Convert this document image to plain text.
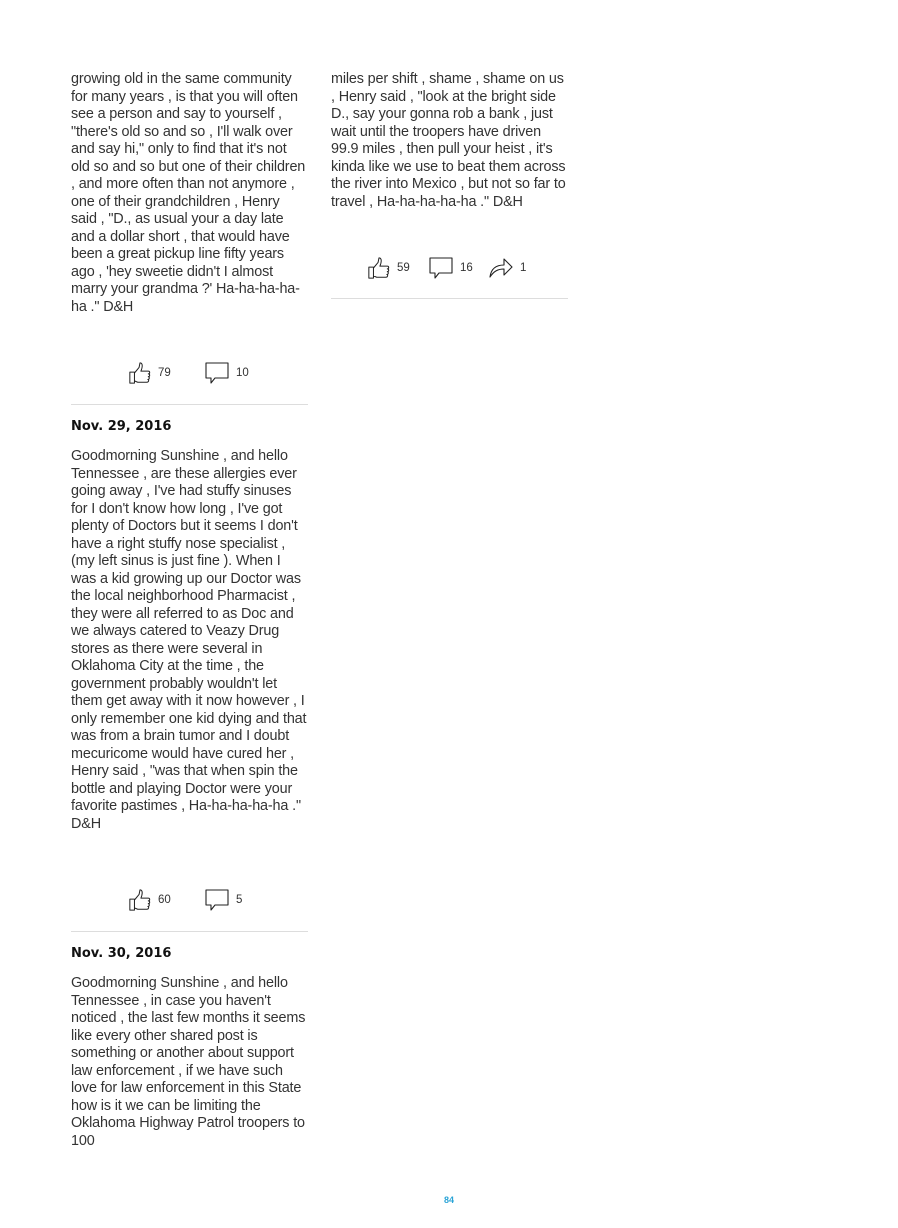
growing old in the same community for many years , is that you will often see a person and say to yourself , "there's old so and so , I'll walk over and say hi," only to find that it's not old so and so but one of their children , and more often than not anymore , one of their grandchildren , Henry said , "D., as usual your a day late and a dollar short , that would have been a great pickup line fifty years ago , 'hey sweetie didn't I almost marry your grandma ?' Ha-ha-ha-ha-ha ." D&H

79	10

Nov. 29, 2016

Goodmorning Sunshine , and hello Tennessee , are these allergies ever going away , I've had stuffy sinuses for I don't know how long , I've got plenty of Doctors but it seems I don't have a right stuffy nose specialist , (my left sinus is just fine ). When I was a kid growing up our Doctor was the local neighborhood Pharmacist , they were all referred to as Doc and we always catered to Veazy Drug stores as there were several in Oklahoma City at the time , the government probably wouldn't let them get away with it now however , I only remember one kid dying and that was from a brain tumor and I doubt mecuricome would have cured her , Henry said , "was that when spin the bottle and playing Doctor were your favorite pastimes , Ha-ha-ha-ha-ha ." D&H

60	5

Nov. 30, 2016

Goodmorning Sunshine , and hello Tennessee , in case you haven't noticed , the last few months it seems like every other shared post is something or another about support law enforcement , if we have such love for law enforcement in this State how is it we can be limiting the Oklahoma Highway Patrol troopers to 100

miles per shift , shame , shame on us , Henry said , "look at the bright side D., say your gonna rob a bank , just wait until the troopers have driven 99.9 miles , then pull your heist , it's kinda like we use to beat them across the river into Mexico , but not so far to travel , Ha-ha-ha-ha-ha ." D&H

59	16	1
84
